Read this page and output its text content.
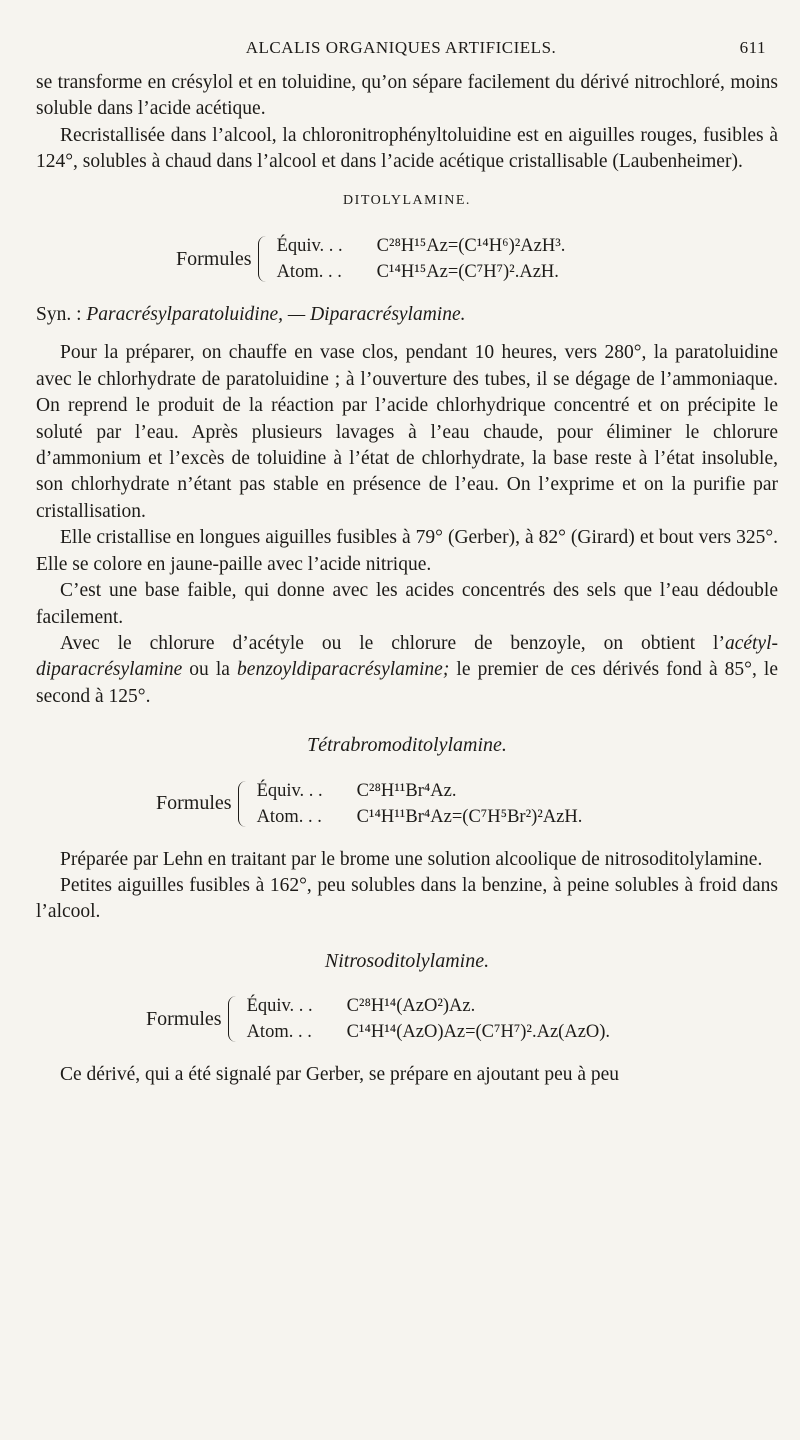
ALCALIS ORGANIQUES ARTIFICIELS.	611

se transforme en crésylol et en toluidine, qu’on sépare facilement du dérivé nitrochloré, moins soluble dans l’acide acétique.

Recristallisée dans l’alcool, la chloronitrophényltoluidine est en aiguilles rouges, fusibles à 124°, solubles à chaud dans l’alcool et dans l’acide acétique cristallisable (Laubenheimer).

DITOLYLAMINE.
Formules
Équiv. . . C²⁸H¹⁵Az=(C¹⁴H⁶)²AzH³.
Atom. . . C¹⁴H¹⁵Az=(C⁷H⁷)².AzH.

Syn. : Paracrésylparatoluidine, — Diparacrésylamine.

Pour la préparer, on chauffe en vase clos, pendant 10 heures, vers 280°, la paratoluidine avec le chlorhydrate de paratoluidine ; à l’ouverture des tubes, il se dégage de l’ammoniaque. On reprend le produit de la réaction par l’acide chlorhydrique concentré et on précipite le soluté par l’eau. Après plusieurs lavages à l’eau chaude, pour éliminer le chlorure d’ammonium et l’excès de toluidine à l’état de chlorhydrate, la base reste à l’état insoluble, son chlorhydrate n’étant pas stable en présence de l’eau. On l’exprime et on la purifie par cristallisation.

Elle cristallise en longues aiguilles fusibles à 79° (Gerber), à 82° (Girard) et bout vers 325°. Elle se colore en jaune-paille avec l’acide nitrique.

C’est une base faible, qui donne avec les acides concentrés des sels que l’eau dédouble facilement.

Avec le chlorure d’acétyle ou le chlorure de benzoyle, on obtient l’acétyl-diparacrésylamine ou la benzoyldiparacrésylamine; le premier de ces dérivés fond à 85°, le second à 125°.

Tétrabromoditolylamine.
Formules
Équiv. . . C²⁸H¹¹Br⁴Az.
Atom. . . C¹⁴H¹¹Br⁴Az=(C⁷H⁵Br²)²AzH.

Préparée par Lehn en traitant par le brome une solution alcoolique de nitrosoditolylamine.

Petites aiguilles fusibles à 162°, peu solubles dans la benzine, à peine solubles à froid dans l’alcool.

Nitrosoditolylamine.
Formules
Équiv. . . C²⁸H¹⁴(AzO²)Az.
Atom. . . C¹⁴H¹⁴(AzO)Az=(C⁷H⁷)².Az(AzO).

Ce dérivé, qui a été signalé par Gerber, se prépare en ajoutant peu à peu
